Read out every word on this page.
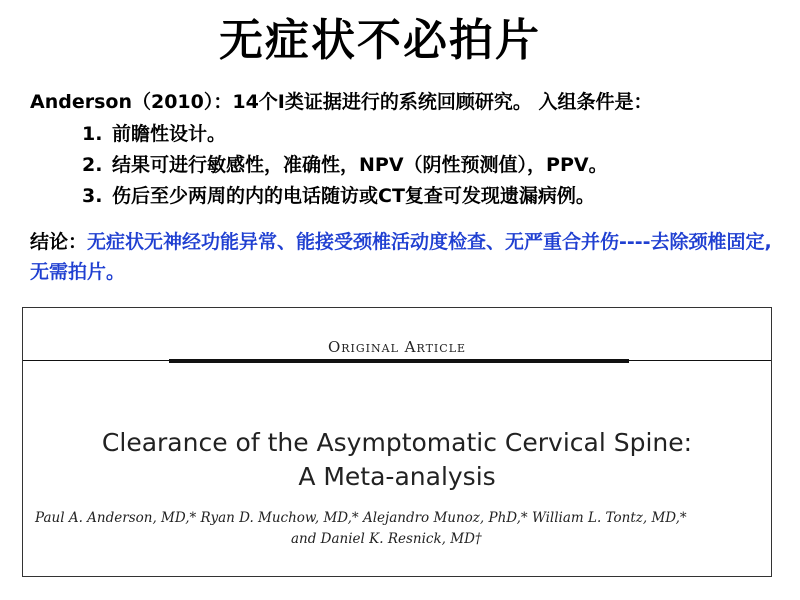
无症状不必拍片
Anderson（2010）：14个I类证据进行的系统回顾研究。 入组条件是：
1. 前瞻性设计。
2. 结果可进行敏感性，准确性，NPV（阴性预测值），PPV。
3. 伤后至少两周的内的电话随访或CT复查可发现遗漏病例。
结论：无症状无神经功能异常、能接受颈椎活动度检查、无严重合并伤----去除颈椎固定,无需拍片。
Original Article
Clearance of the Asymptomatic Cervical Spine:
A Meta-analysis
Paul A. Anderson, MD,* Ryan D. Muchow, MD,* Alejandro Munoz, PhD,* William L. Tontz, MD,*
and Daniel K. Resnick, MD†
